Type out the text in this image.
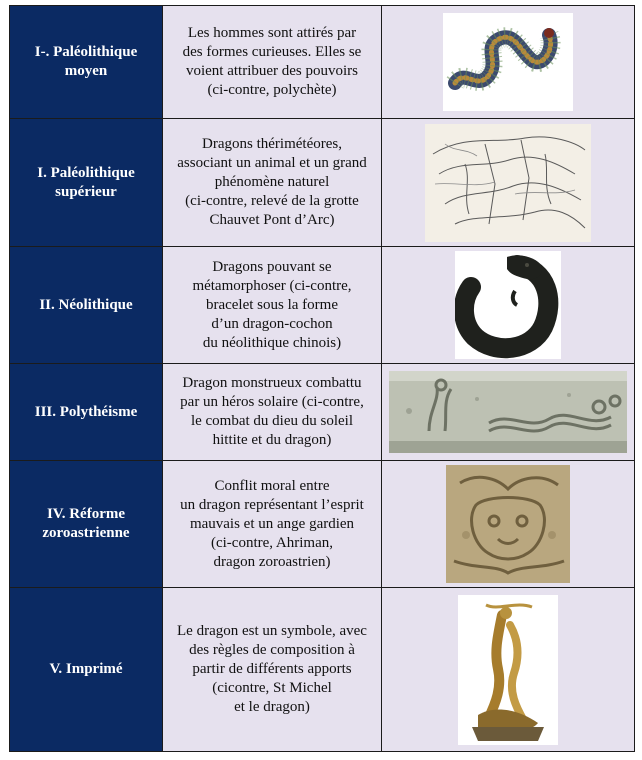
I-. Paléolithique
moyen	Les hommes sont attirés par
des formes curieuses. Elles se
voient attribuer des pouvoirs
(ci-contre, polychète)	

I. Paléolithique
supérieur	Dragons thérimétéores,
associant un animal et un grand
phénomène naturel
(ci-contre, relevé de la grotte
Chauvet Pont d’Arc)	

II. Néolithique	Dragons pouvant se
métamorphoser (ci-contre,
bracelet sous la forme
d’un dragon-cochon
du néolithique chinois)	

III. Polythéisme	Dragon monstrueux combattu
par un héros solaire (ci-contre,
le combat du dieu du soleil
hittite et du dragon)	

IV. Réforme
zoroastrienne	Conflit moral entre
un dragon représentant l’esprit
mauvais et un ange gardien
(ci-contre, Ahriman,
dragon zoroastrien)	

V. Imprimé	Le dragon est un symbole, avec
des règles de composition à
partir de différents apports
(cicontre, St Michel
et le dragon)	
